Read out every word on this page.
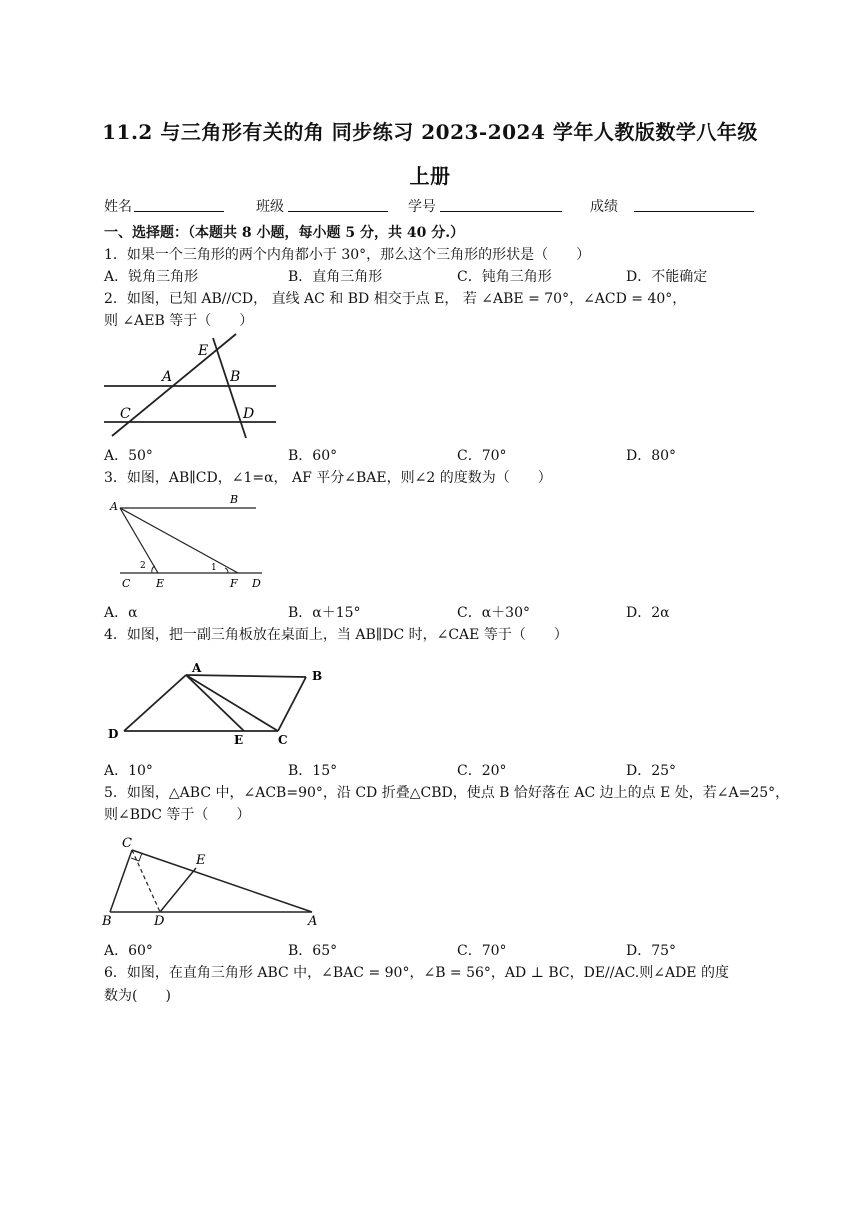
11.2 与三角形有关的角 同步练习 2023-2024 学年人教版数学八年级
上册
姓名	班级	学号	成绩
一、选择题：（本题共 8 小题，每小题 5 分，共 40 分.）
1．如果一个三角形的两个内角都小于 30°，那么这个三角形的形状是（　　）
A．锐角三角形	B．直角三角形	C．钝角三角形	D．不能确定
2．如图，已知 AB//CD， 直线 AC 和 BD 相交于点 E， 若 ∠ABE = 70°，∠ACD = 40°，
则 ∠AEB 等于（　　）
E
A	B
C	D
A．50°	B．60°	C．70°	D．80°
3．如图，AB∥CD，∠1=α， AF 平分∠BAE，则∠2 的度数为（　　）
A
B
C E	F D
1
2
A．α	B．α＋15°	C．α＋30°	D．2α
4．如图，把一副三角板放在桌面上，当 AB∥DC 时，∠CAE 等于（　　）
A
B
D	E	C
A．10°	B．15°	C．20°	D．25°
5．如图，△ABC 中，∠ACB=90°，沿 CD 折叠△CBD，使点 B 恰好落在 AC 边上的点 E 处，若∠A=25°，
则∠BDC 等于（　　）
C
E
B	D	A
A．60°	B．65°	C．70°	D．75°
6．如图，在直角三角形 ABC 中，∠BAC = 90°，∠B = 56°，AD ⊥ BC，DE//AC.则∠ADE 的度
数为(　　)
